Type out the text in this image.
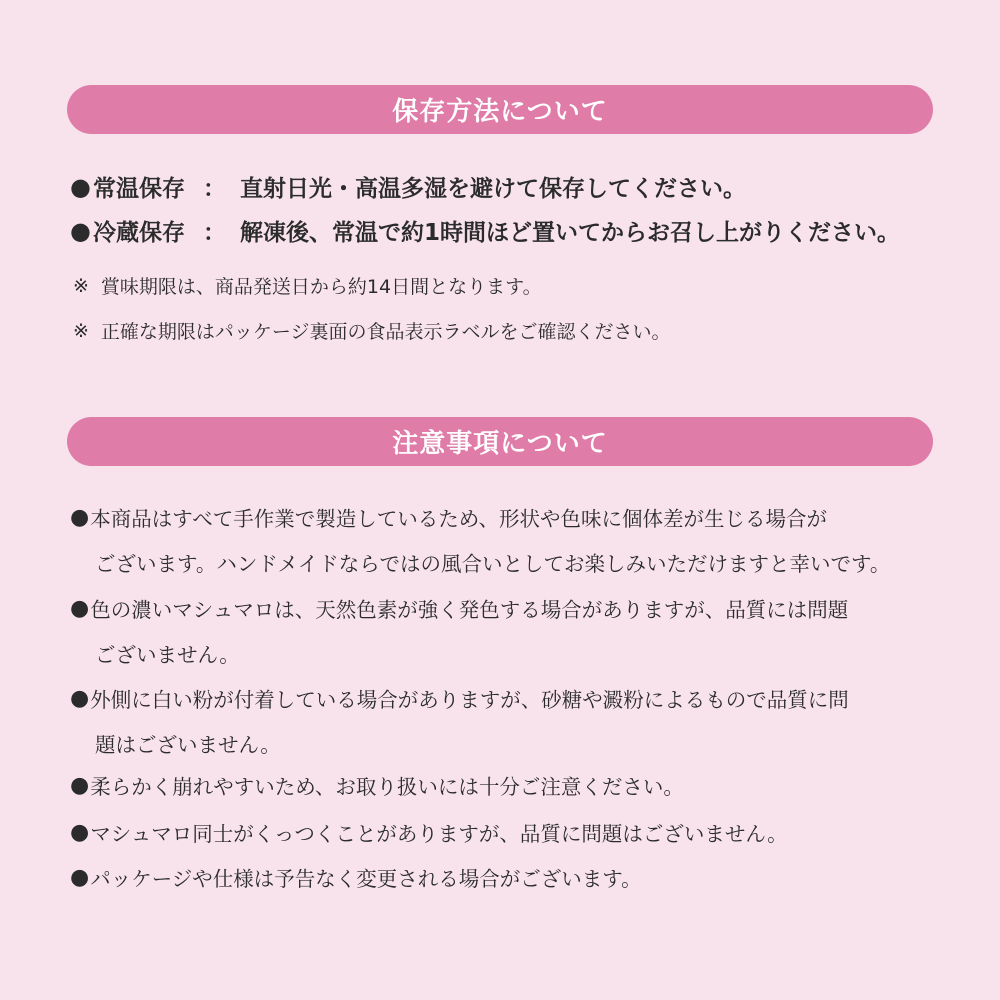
保存方法について
● 常温保存 ： 直射日光・高温多湿を避けて保存してください。
● 冷蔵保存 ： 解凍後、常温で約1時間ほど置いてからお召し上がりください。
※ 賞味期限は、商品発送日から約14日間となります。
※ 正確な期限はパッケージ裏面の食品表示ラベルをご確認ください。
注意事項について
● 本商品はすべて手作業で製造しているため、形状や色味に個体差が生じる場合が
ございます。ハンドメイドならではの風合いとしてお楽しみいただけますと幸いです。
● 色の濃いマシュマロは、天然色素が強く発色する場合がありますが、品質には問題
ございません。
● 外側に白い粉が付着している場合がありますが、砂糖や澱粉によるもので品質に問
題はございません。
● 柔らかく崩れやすいため、お取り扱いには十分ご注意ください。
● マシュマロ同士がくっつくことがありますが、品質に問題はございません。
● パッケージや仕様は予告なく変更される場合がございます。
